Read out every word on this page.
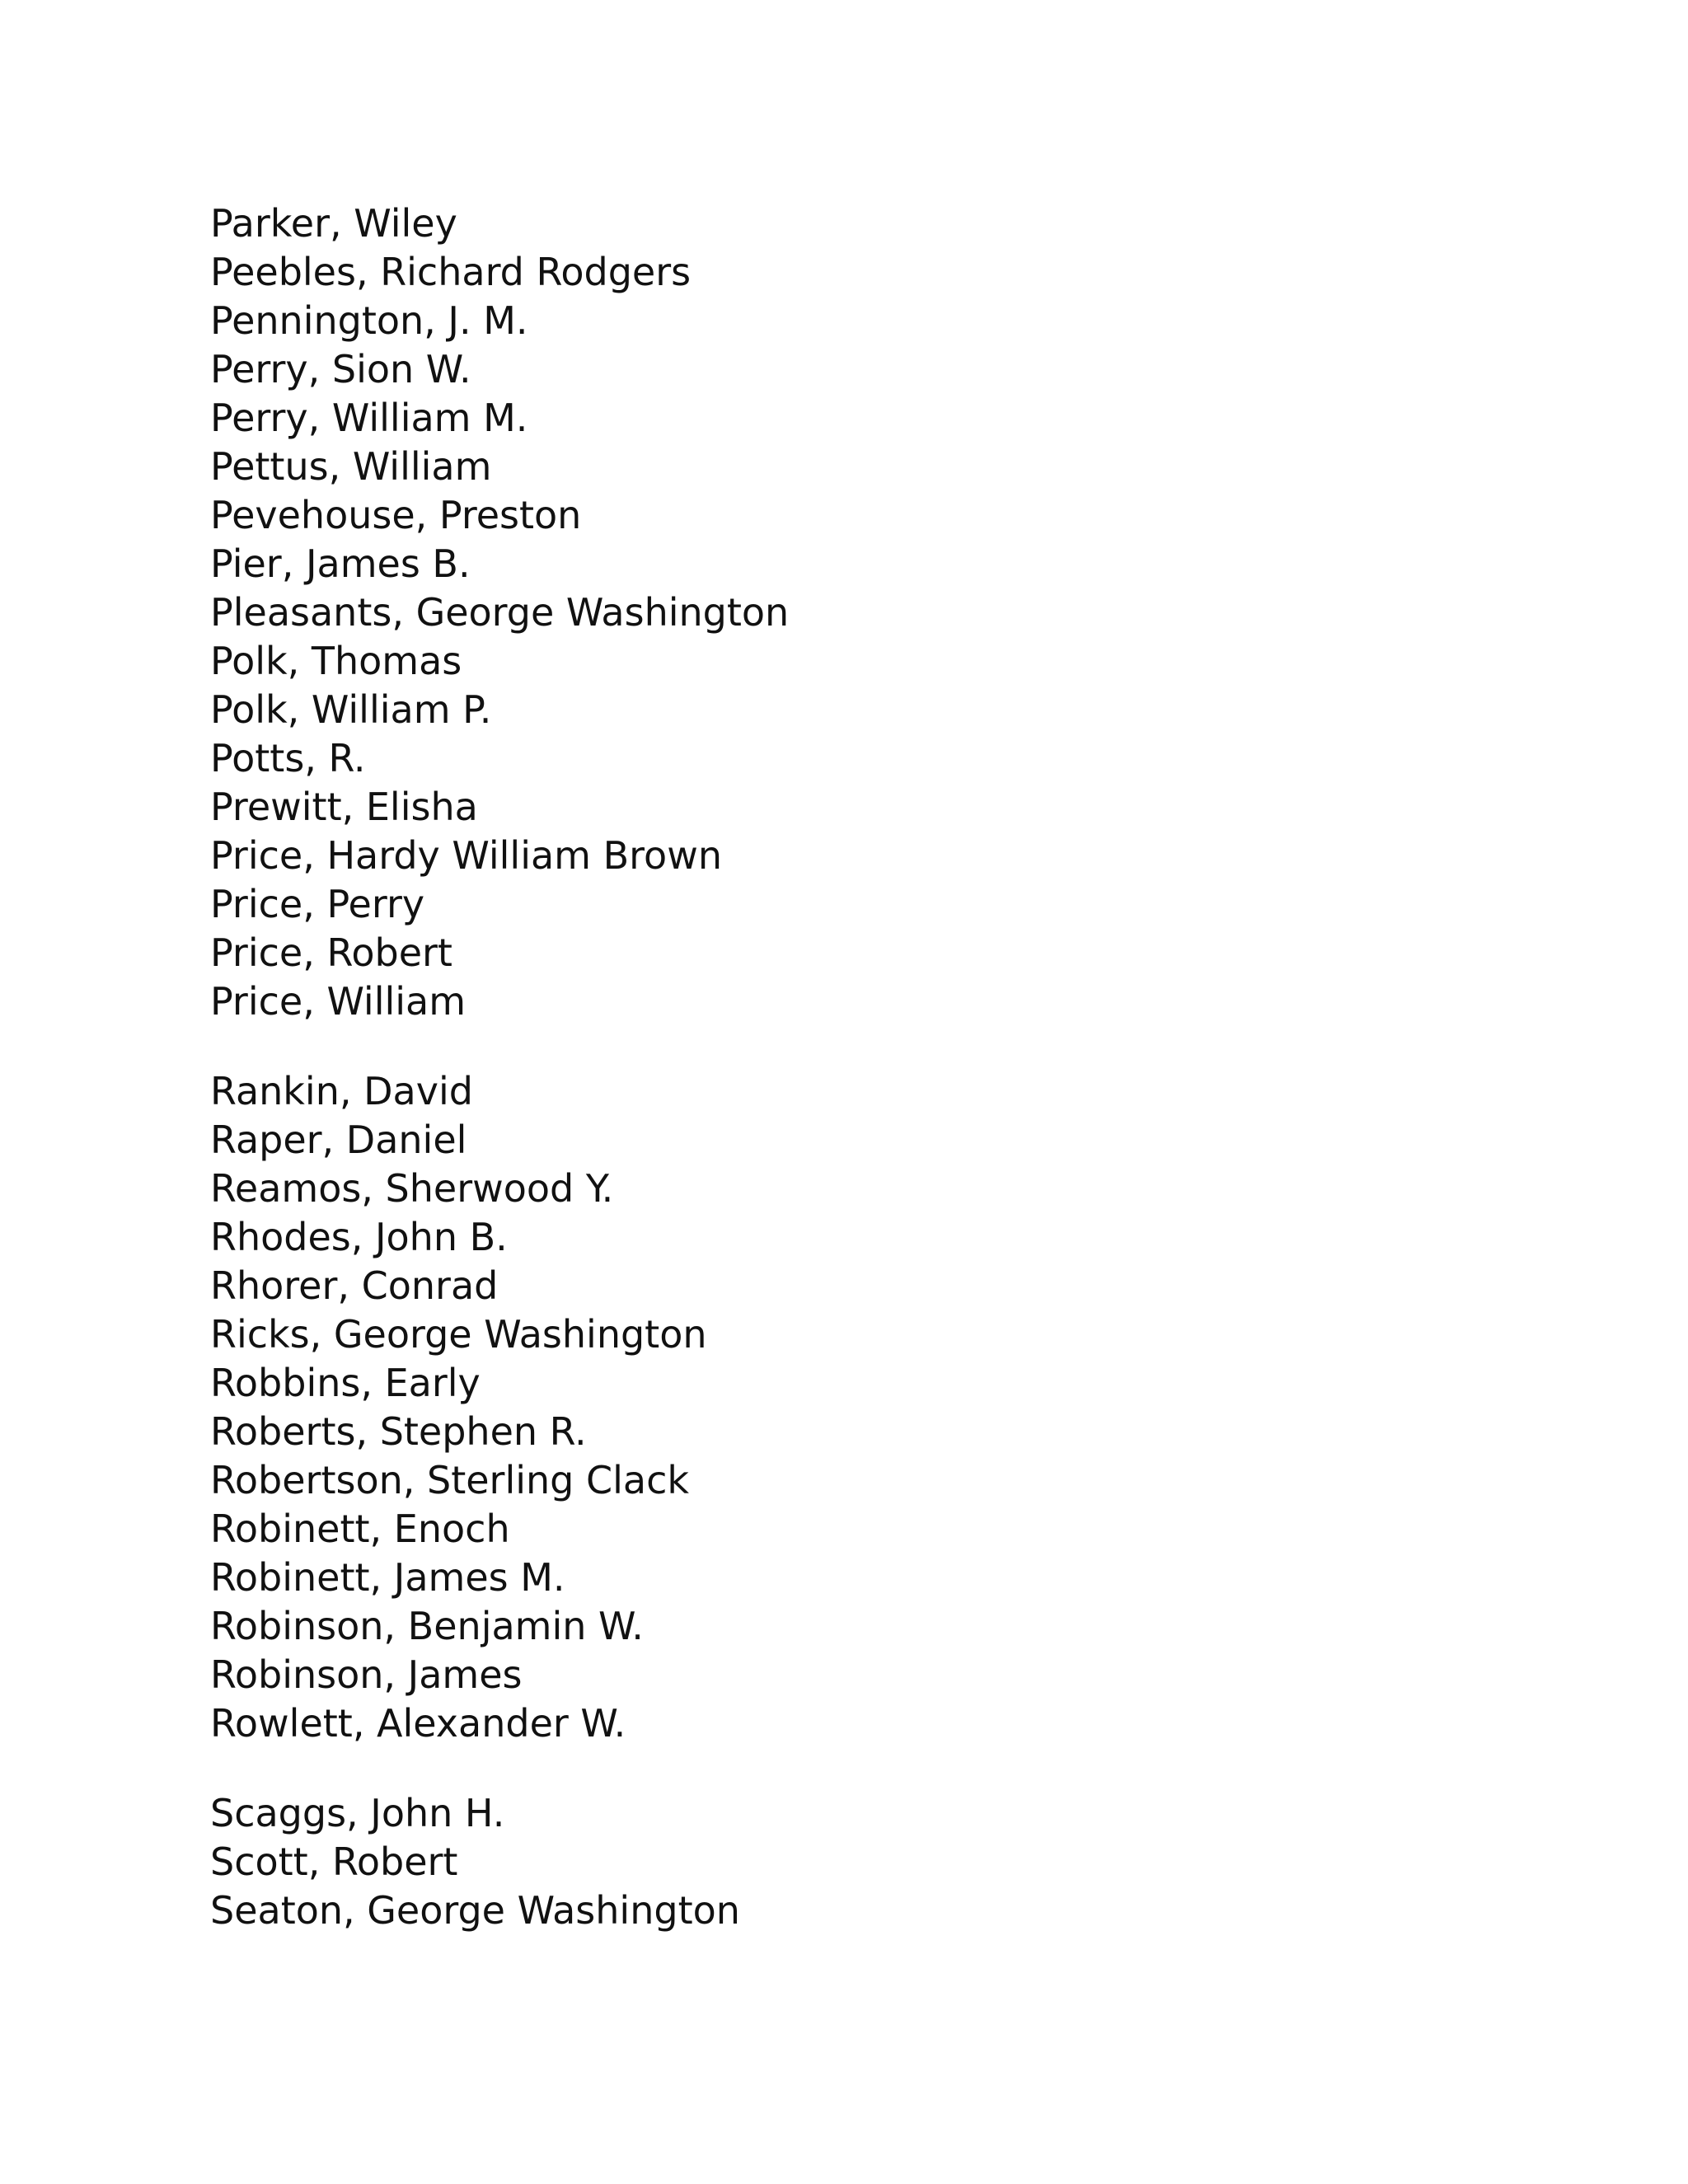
Parker, Wiley
Peebles, Richard Rodgers
Pennington, J. M.
Perry, Sion W.
Perry, William M.
Pettus, William
Pevehouse, Preston
Pier, James B.
Pleasants, George Washington
Polk, Thomas
Polk, William P.
Potts, R.
Prewitt, Elisha
Price, Hardy William Brown
Price, Perry
Price, Robert
Price, William
Rankin, David
Raper, Daniel
Reamos, Sherwood Y.
Rhodes, John B.
Rhorer, Conrad
Ricks, George Washington
Robbins, Early
Roberts, Stephen R.
Robertson, Sterling Clack
Robinett, Enoch
Robinett, James M.
Robinson, Benjamin W.
Robinson, James
Rowlett, Alexander W.
Scaggs, John H.
Scott, Robert
Seaton, George Washington
